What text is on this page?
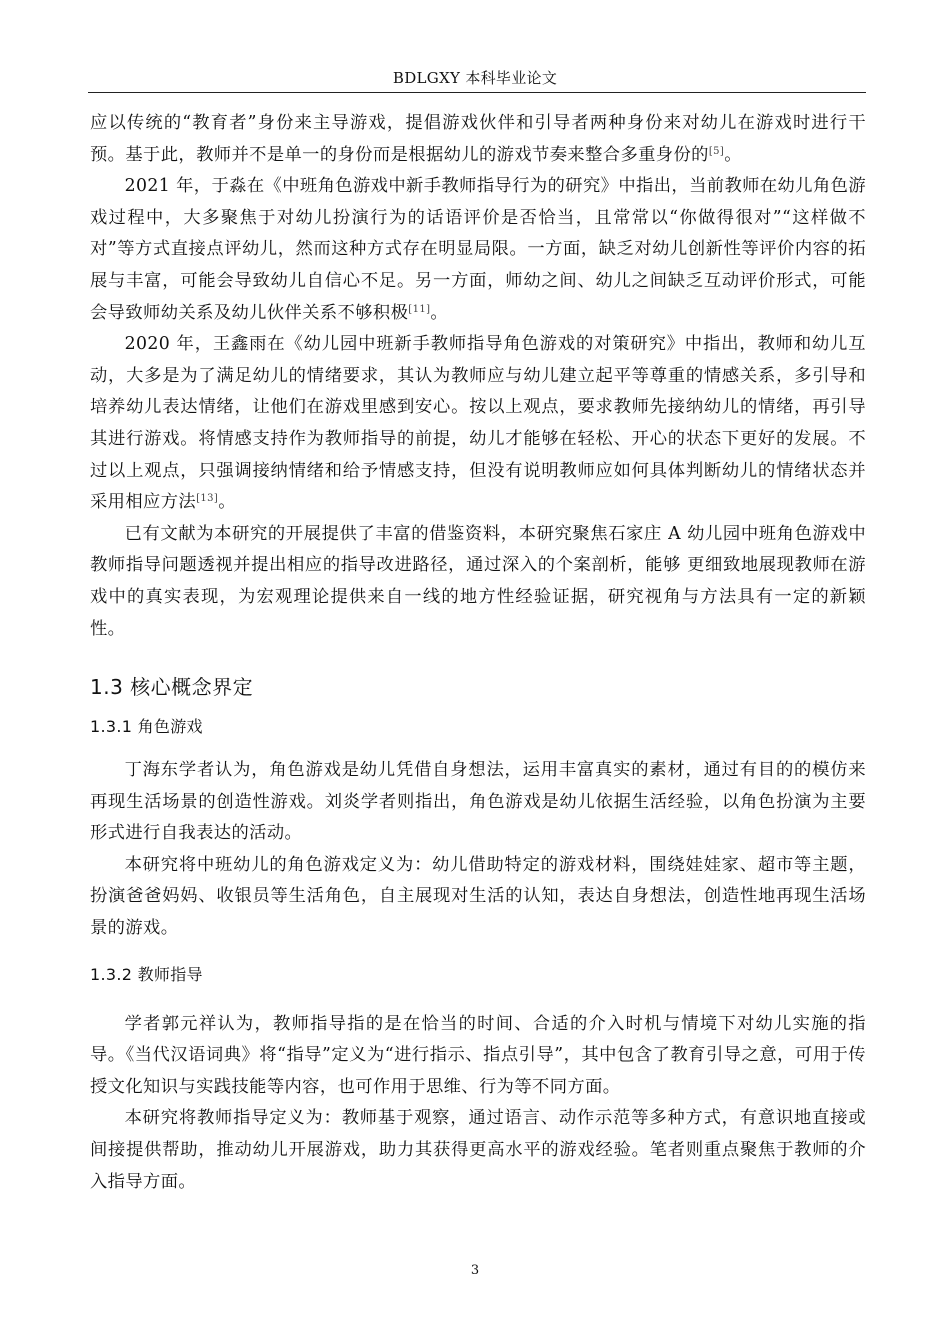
BDLGXY 本科毕业论文

应以传统的“教育者”身份来主导游戏，提倡游戏伙伴和引导者两种身份来对幼儿在游戏时进行干预。基于此，教师并不是单一的身份而是根据幼儿的游戏节奏来整合多重身份的[5]。

2021 年，于淼在《中班角色游戏中新手教师指导行为的研究》中指出，当前教师在幼儿角色游戏过程中，大多聚焦于对幼儿扮演行为的话语评价是否恰当，且常常以“你做得很对”“这样做不对”等方式直接点评幼儿，然而这种方式存在明显局限。一方面，缺乏对幼儿创新性等评价内容的拓展与丰富，可能会导致幼儿自信心不足。另一方面，师幼之间、幼儿之间缺乏互动评价形式，可能会导致师幼关系及幼儿伙伴关系不够积极[11]。

2020 年，王鑫雨在《幼儿园中班新手教师指导角色游戏的对策研究》中指出，教师和幼儿互动，大多是为了满足幼儿的情绪要求，其认为教师应与幼儿建立起平等尊重的情感关系，多引导和培养幼儿表达情绪，让他们在游戏里感到安心。按以上观点，要求教师先接纳幼儿的情绪，再引导其进行游戏。将情感支持作为教师指导的前提，幼儿才能够在轻松、开心的状态下更好的发展。不过以上观点，只强调接纳情绪和给予情感支持，但没有说明教师应如何具体判断幼儿的情绪状态并采用相应方法[13]。

已有文献为本研究的开展提供了丰富的借鉴资料，本研究聚焦石家庄 A 幼儿园中班角色游戏中教师指导问题透视并提出相应的指导改进路径，通过深入的个案剖析，能够 更细致地展现教师在游戏中的真实表现，为宏观理论提供来自一线的地方性经验证据，研究视角与方法具有一定的新颖性。

1.3 核心概念界定
1.3.1 角色游戏

丁海东学者认为，角色游戏是幼儿凭借自身想法，运用丰富真实的素材，通过有目的的模仿来再现生活场景的创造性游戏。刘炎学者则指出，角色游戏是幼儿依据生活经验，以角色扮演为主要形式进行自我表达的活动。

本研究将中班幼儿的角色游戏定义为：幼儿借助特定的游戏材料，围绕娃娃家、超市等主题，扮演爸爸妈妈、收银员等生活角色，自主展现对生活的认知，表达自身想法，创造性地再现生活场景的游戏。

1.3.2 教师指导

学者郭元祥认为，教师指导指的是在恰当的时间、合适的介入时机与情境下对幼儿实施的指导。《当代汉语词典》将“指导”定义为“进行指示、指点引导”，其中包含了教育引导之意，可用于传授文化知识与实践技能等内容，也可作用于思维、行为等不同方面。

本研究将教师指导定义为：教师基于观察，通过语言、动作示范等多种方式，有意识地直接或间接提供帮助，推动幼儿开展游戏，助力其获得更高水平的游戏经验。笔者则重点聚焦于教师的介入指导方面。

3
